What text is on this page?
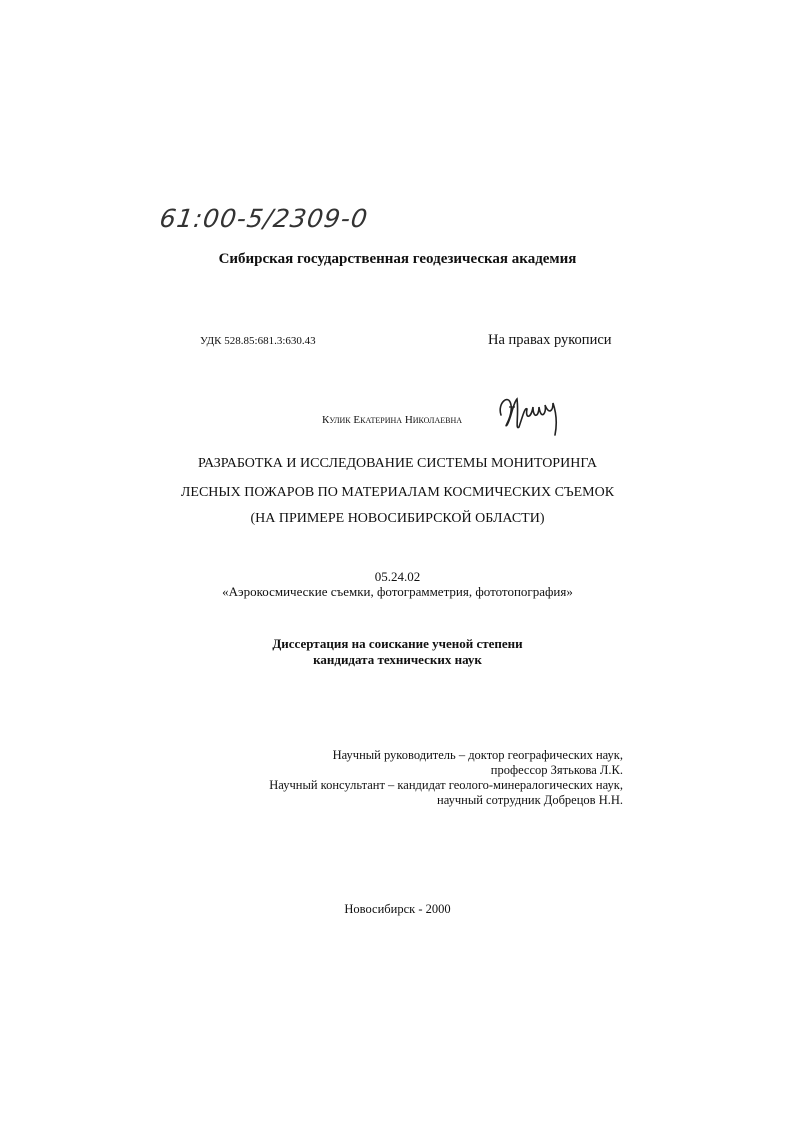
61:00-5/2309-0
Сибирская государственная геодезическая академия
УДК 528.85:681.3:630.43	На правах рукописи
Кулик Екатерина Николаевна
РАЗРАБОТКА И ИССЛЕДОВАНИЕ СИСТЕМЫ МОНИТОРИНГА
ЛЕСНЫХ ПОЖАРОВ ПО МАТЕРИАЛАМ КОСМИЧЕСКИХ СЪЕМОК
(НА ПРИМЕРЕ НОВОСИБИРСКОЙ ОБЛАСТИ)
05.24.02
«Аэрокосмические съемки, фотограмметрия, фототопография»
Диссертация на соискание ученой степени
кандидата технических наук
Научный руководитель – доктор географических наук,
профессор Зятькова Л.К.
Научный консультант – кандидат геолого-минералогических наук,
научный сотрудник Добрецов Н.Н.
Новосибирск - 2000
